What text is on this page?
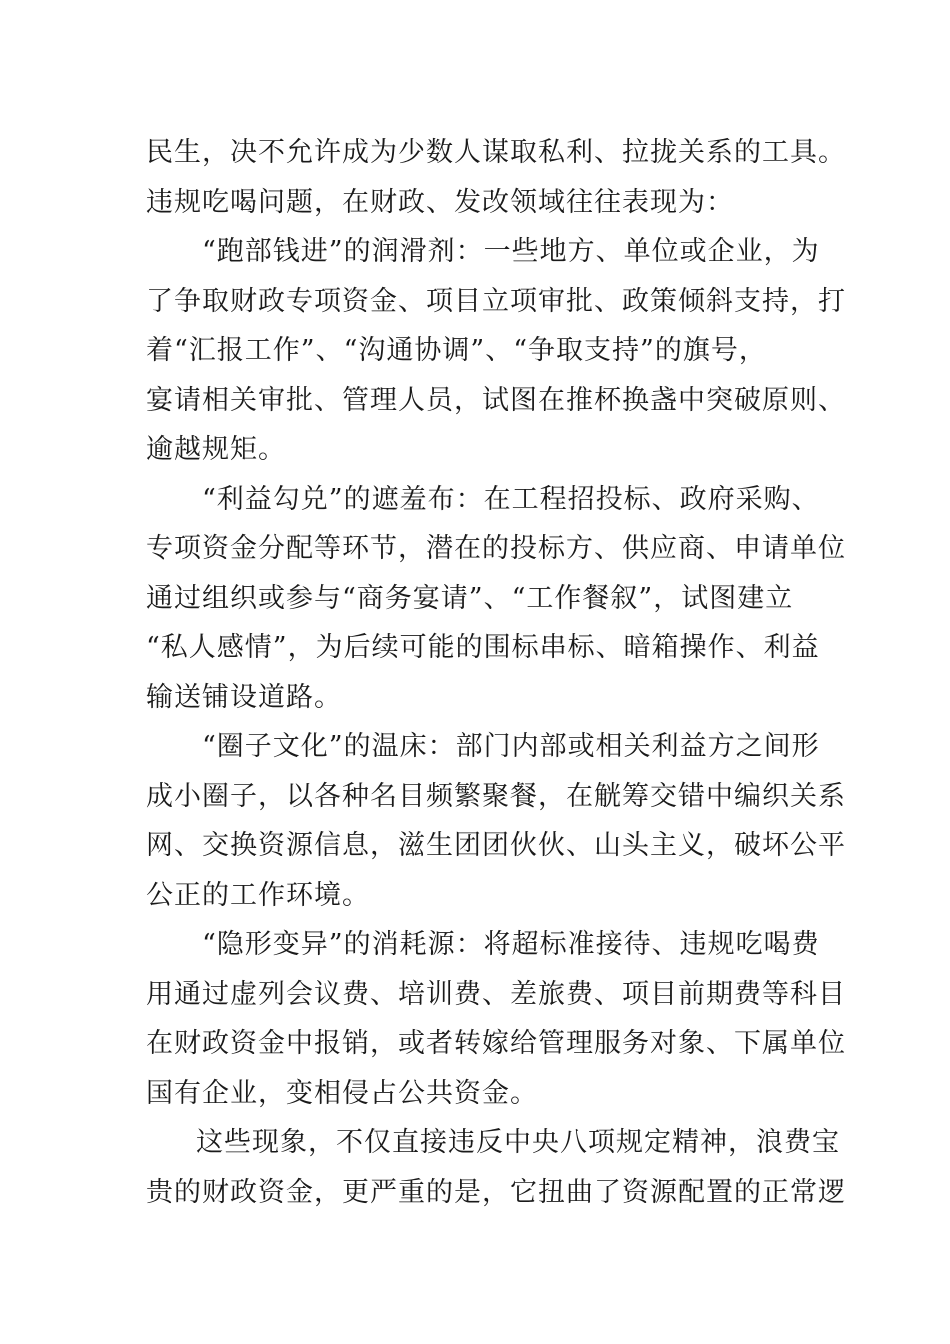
民生，决不允许成为少数人谋取私利、拉拢关系的工具。
违规吃喝问题，在财政、发改领域往往表现为：
“跑部钱进”的润滑剂：一些地方、单位或企业，为
了争取财政专项资金、项目立项审批、政策倾斜支持，打
着“汇报工作”、“沟通协调”、“争取支持”的旗号，
宴请相关审批、管理人员，试图在推杯换盏中突破原则、
逾越规矩。
“利益勾兑”的遮羞布：在工程招投标、政府采购、
专项资金分配等环节，潜在的投标方、供应商、申请单位
通过组织或参与“商务宴请”、“工作餐叙”，试图建立
“私人感情”，为后续可能的围标串标、暗箱操作、利益
输送铺设道路。
“圈子文化”的温床：部门内部或相关利益方之间形
成小圈子，以各种名目频繁聚餐，在觥筹交错中编织关系
网、交换资源信息，滋生团团伙伙、山头主义，破坏公平
公正的工作环境。
“隐形变异”的消耗源：将超标准接待、违规吃喝费
用通过虚列会议费、培训费、差旅费、项目前期费等科目
在财政资金中报销，或者转嫁给管理服务对象、下属单位
国有企业，变相侵占公共资金。
这些现象，不仅直接违反中央八项规定精神，浪费宝
贵的财政资金，更严重的是，它扭曲了资源配置的正常逻
